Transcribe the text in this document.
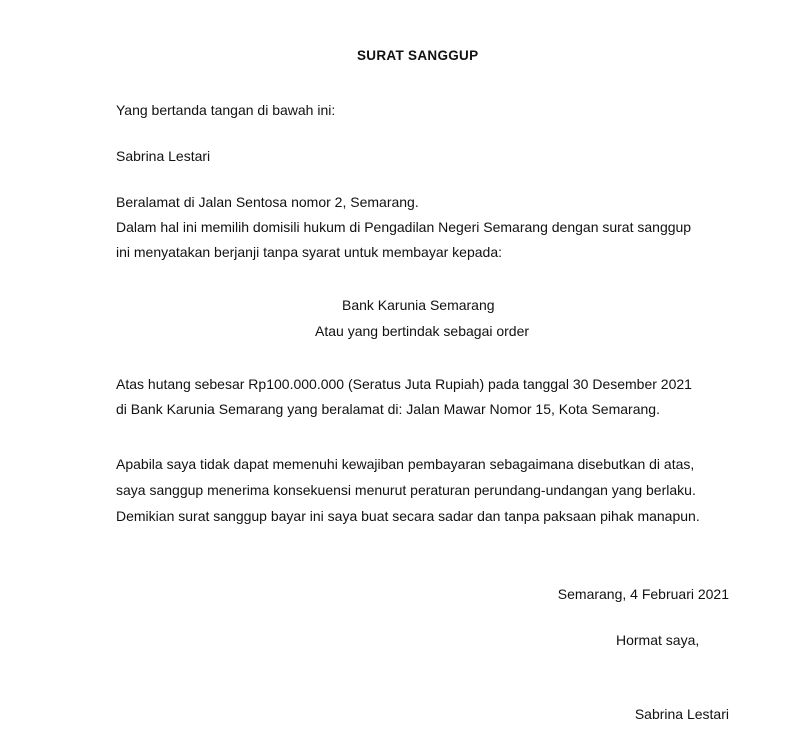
SURAT SANGGUP
Yang bertanda tangan di bawah ini:
Sabrina Lestari
Beralamat di Jalan Sentosa nomor 2, Semarang.
Dalam hal ini memilih domisili hukum di Pengadilan Negeri Semarang dengan surat sanggup
ini menyatakan berjanji tanpa syarat untuk membayar kepada:
Bank Karunia Semarang
Atau yang bertindak sebagai order
Atas hutang sebesar Rp100.000.000 (Seratus Juta Rupiah) pada tanggal 30 Desember 2021
di Bank Karunia Semarang yang beralamat di: Jalan Mawar Nomor 15, Kota Semarang.
Apabila saya tidak dapat memenuhi kewajiban pembayaran sebagaimana disebutkan di atas,
saya sanggup menerima konsekuensi menurut peraturan perundang-undangan yang berlaku.
Demikian surat sanggup bayar ini saya buat secara sadar dan tanpa paksaan pihak manapun.
Semarang, 4 Februari 2021
Hormat saya,
Sabrina Lestari
